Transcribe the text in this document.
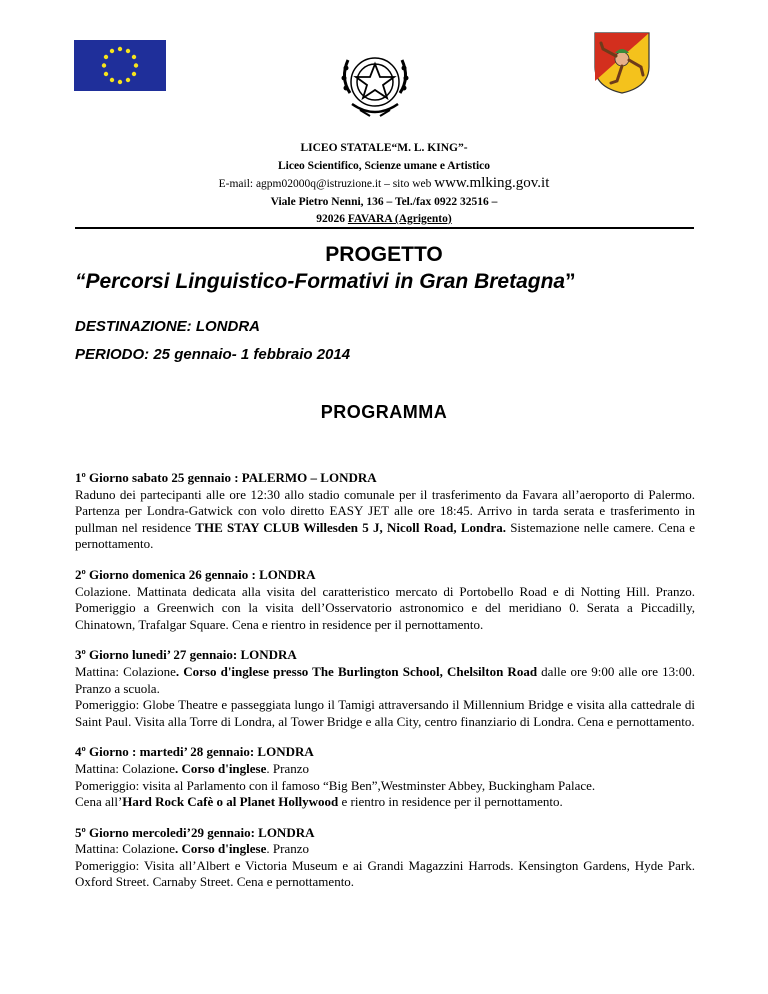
LICEO STATALE“M. L. KING”-
Liceo Scientifico, Scienze umane e Artistico
E-mail: agpm02000q@istruzione.it – sito web www.mlking.gov.it
Viale Pietro Nenni, 136 – Tel./fax 0922 32516 –
92026 FAVARA (Agrigento)
PROGETTO
“Percorsi Linguistico-Formativi in Gran Bretagna”
DESTINAZIONE: LONDRA
PERIODO: 25 gennaio- 1 febbraio 2014
PROGRAMMA
1º Giorno sabato 25 gennaio : PALERMO – LONDRA
Raduno dei partecipanti alle ore 12:30 allo stadio comunale per il trasferimento da Favara all’aeroporto di Palermo. Partenza per Londra-Gatwick con volo diretto EASY JET alle ore 18:45. Arrivo in tarda serata e trasferimento in pullman nel residence THE STAY CLUB Willesden 5 J, Nicoll Road, Londra. Sistemazione nelle camere. Cena e pernottamento.
2º Giorno domenica 26 gennaio : LONDRA
Colazione. Mattinata dedicata alla visita del caratteristico mercato di Portobello Road e di Notting Hill. Pranzo. Pomeriggio a Greenwich con la visita dell’Osservatorio astronomico e del meridiano 0. Serata a Piccadilly, Chinatown, Trafalgar Square. Cena e rientro in residence per il pernottamento.
3º Giorno lunedi’ 27 gennaio: LONDRA
Mattina: Colazione. Corso d'inglese presso The Burlington School, Chelsilton Road dalle ore 9:00 alle ore 13:00. Pranzo a scuola.
Pomeriggio: Globe Theatre e passeggiata lungo il Tamigi attraversando il Millennium Bridge e visita alla cattedrale di Saint Paul. Visita alla Torre di Londra, al Tower Bridge e alla City, centro finanziario di Londra. Cena e pernottamento.
4º Giorno : martedi’ 28 gennaio: LONDRA
Mattina: Colazione. Corso d'inglese. Pranzo
Pomeriggio: visita al Parlamento con il famoso “Big Ben”,Westminster Abbey, Buckingham Palace.
Cena all’Hard Rock Cafè o al Planet Hollywood e rientro in residence per il pernottamento.
5º Giorno mercoledi’29 gennaio: LONDRA
Mattina: Colazione. Corso d'inglese. Pranzo
Pomeriggio: Visita all’Albert e Victoria Museum e ai Grandi Magazzini Harrods. Kensington Gardens, Hyde Park. Oxford Street. Carnaby Street. Cena e pernottamento.
